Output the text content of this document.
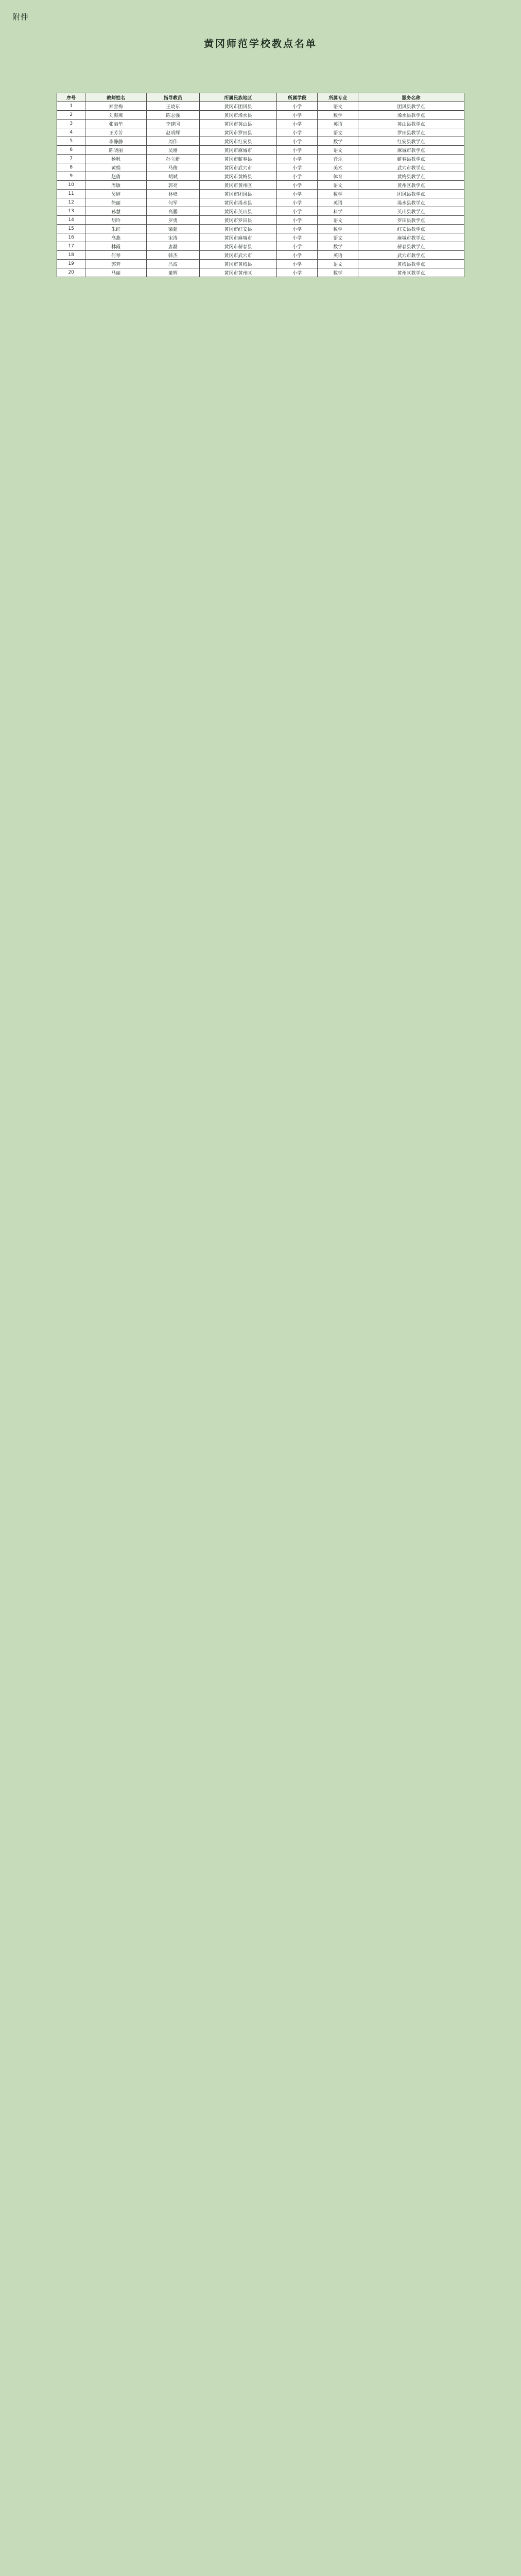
附件
黄冈师范学校教点名单
序号	教师姓名	指导教员	所属民族地区	所属学段	所属专业	服务名称
1	郑雪梅	王晓东	黄冈市团风县	小学	语文	团风县教学点
2	刘海燕	陈志强	黄冈市浠水县	小学	数学	浠水县教学点
3	张丽华	李建国	黄冈市英山县	小学	英语	英山县教学点
4	王芳芳	赵明辉	黄冈市罗田县	小学	语文	罗田县教学点
5	李静静	周伟	黄冈市红安县	小学	数学	红安县教学点
6	陈晓丽	吴刚	黄冈市麻城市	小学	语文	麻城市教学点
7	杨帆	孙立新	黄冈市蕲春县	小学	音乐	蕲春县教学点
8	黄娟	马俊	黄冈市武穴市	小学	美术	武穴市教学点
9	赵倩	胡斌	黄冈市黄梅县	小学	体育	黄梅县教学点
10	周敏	郭亮	黄冈市黄州区	小学	语文	黄州区教学点
11	吴婷	林峰	黄冈市团风县	小学	数学	团风县教学点
12	徐丽	何军	黄冈市浠水县	小学	英语	浠水县教学点
13	孙慧	高鹏	黄冈市英山县	小学	科学	英山县教学点
14	胡玲	罗勇	黄冈市罗田县	小学	语文	罗田县教学点
15	朱红	梁超	黄冈市红安县	小学	数学	红安县教学点
16	高燕	宋涛	黄冈市麻城市	小学	语文	麻城市教学点
17	林霞	唐磊	黄冈市蕲春县	小学	数学	蕲春县教学点
18	何琴	韩杰	黄冈市武穴市	小学	英语	武穴市教学点
19	郭芳	冯波	黄冈市黄梅县	小学	语文	黄梅县教学点
20	马丽	董辉	黄冈市黄州区	小学	数学	黄州区教学点
